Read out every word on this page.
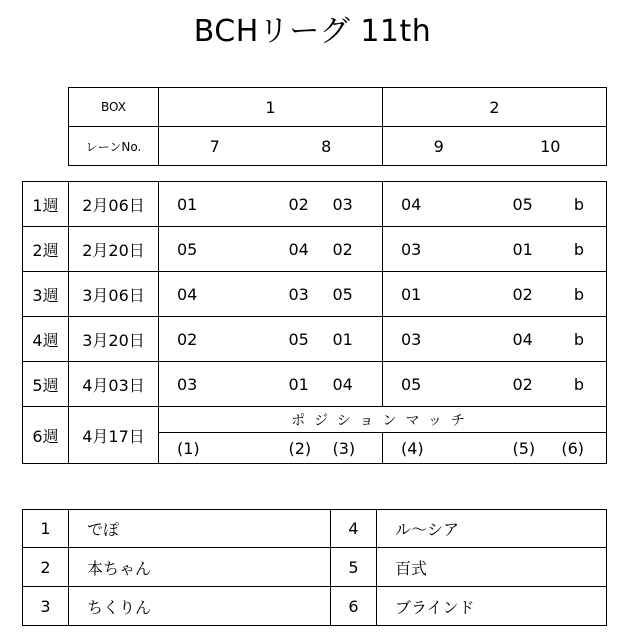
BCHリーグ 11th
BOX	1		2	
レーンNo.	7	8	9	10
1週	2月06日	01	02	03	04	05	b
2週	2月20日	05	04	02	03	01	b
3週	3月06日	04	03	05	01	02	b
4週	3月20日	02	05	01	03	04	b
5週	4月03日	03	01	04	05	02	b
6週	4月17日	ポジションマッチ					
		(1)	(2)	(3)	(4)	(5)	(6)
1	でぽ	4	ル～シア
2	本ちゃん	5	百式
3	ちくりん	6	ブラインド
